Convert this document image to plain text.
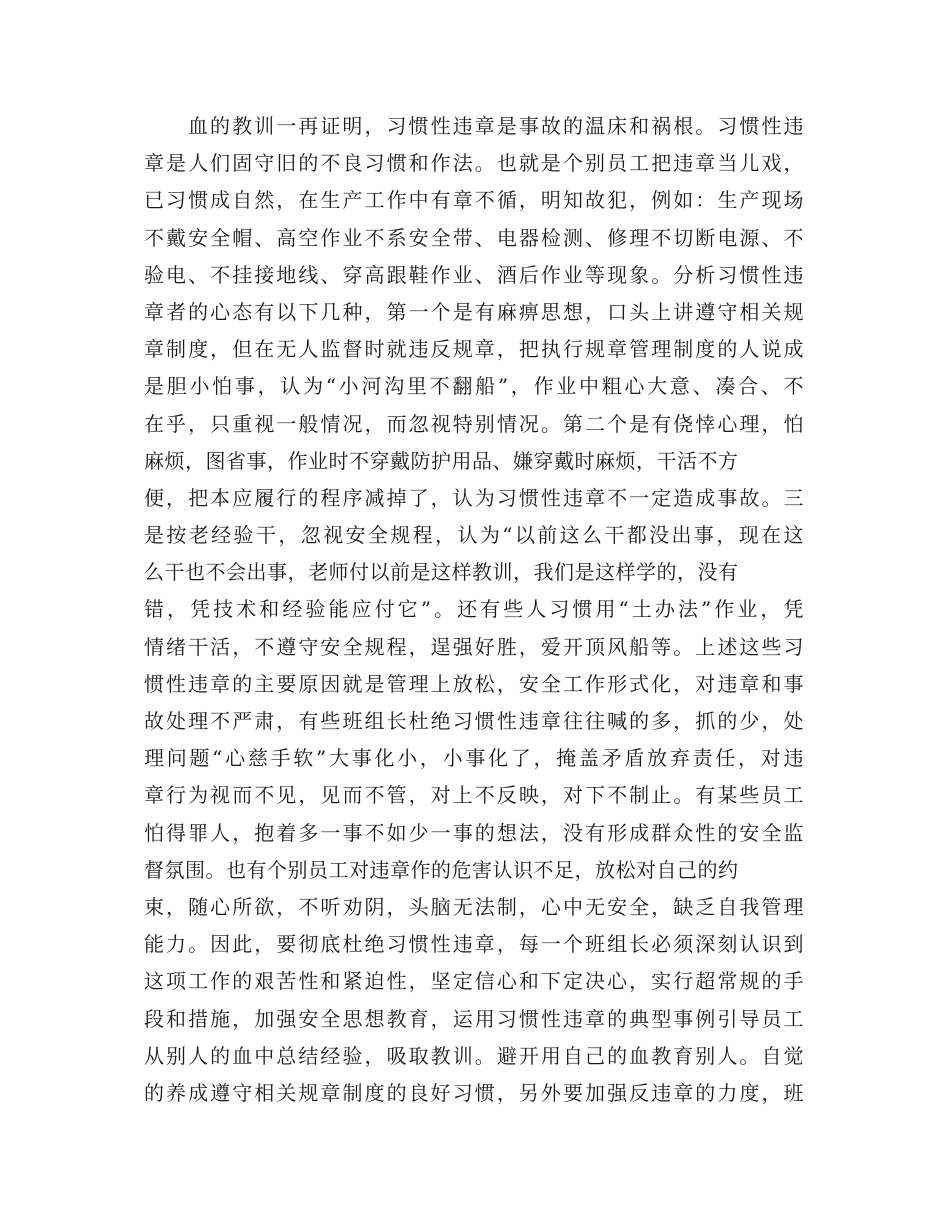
血的教训一再证明，习惯性违章是事故的温床和祸根。习惯性违
章是人们固守旧的不良习惯和作法。也就是个别员工把违章当儿戏，
已习惯成自然，在生产工作中有章不循，明知故犯，例如：生产现场
不戴安全帽、高空作业不系安全带、电器检测、修理不切断电源、不
验电、不挂接地线、穿高跟鞋作业、酒后作业等现象。分析习惯性违
章者的心态有以下几种，第一个是有麻痹思想，口头上讲遵守相关规
章制度，但在无人监督时就违反规章，把执行规章管理制度的人说成
是胆小怕事，认为“小河沟里不翻船”，作业中粗心大意、凑合、不
在乎，只重视一般情况，而忽视特别情况。第二个是有侥悻心理，怕
麻烦，图省事，作业时不穿戴防护用品、嫌穿戴时麻烦，干活不方
便，把本应履行的程序减掉了，认为习惯性违章不一定造成事故。三
是按老经验干，忽视安全规程，认为“以前这么干都没出事，现在这
么干也不会出事，老师付以前是这样教训，我们是这样学的，没有
错，凭技术和经验能应付它”。还有些人习惯用“土办法”作业，凭
情绪干活，不遵守安全规程，逞强好胜，爱开顶风船等。上述这些习
惯性违章的主要原因就是管理上放松，安全工作形式化，对违章和事
故处理不严肃，有些班组长杜绝习惯性违章往往喊的多，抓的少，处
理问题“心慈手软”大事化小，小事化了，掩盖矛盾放弃责任，对违
章行为视而不见，见而不管，对上不反映，对下不制止。有某些员工
怕得罪人，抱着多一事不如少一事的想法，没有形成群众性的安全监
督氛围。也有个别员工对违章作的危害认识不足，放松对自己的约
束，随心所欲，不听劝阴，头脑无法制，心中无安全，缺乏自我管理
能力。因此，要彻底杜绝习惯性违章，每一个班组长必须深刻认识到
这项工作的艰苦性和紧迫性，坚定信心和下定决心，实行超常规的手
段和措施，加强安全思想教育，运用习惯性违章的典型事例引导员工
从别人的血中总结经验，吸取教训。避开用自己的血教育别人。自觉
的养成遵守相关规章制度的良好习惯，另外要加强反违章的力度，班
